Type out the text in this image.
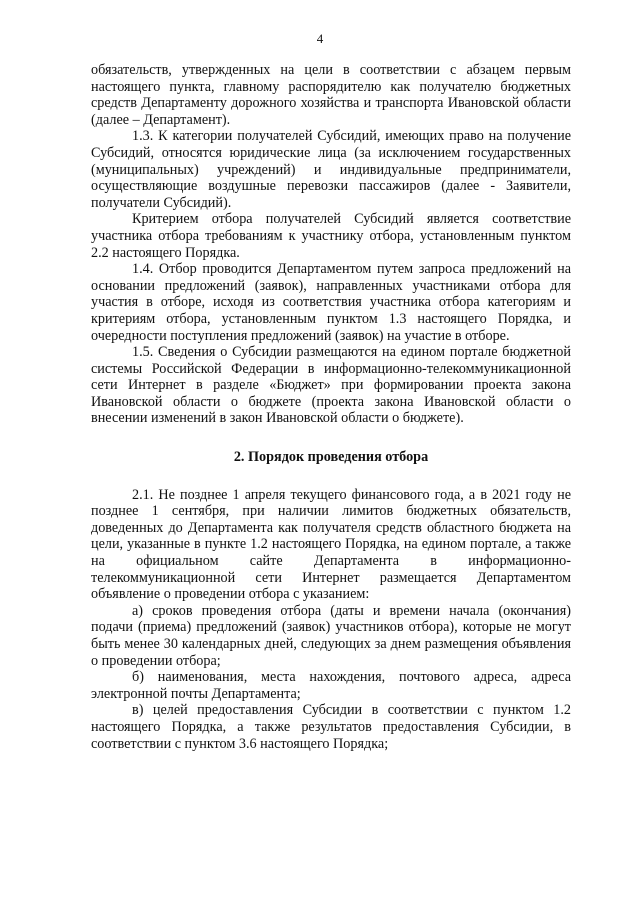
4

обязательств, утвержденных на цели в соответствии с абзацем первым настоящего пункта, главному распорядителю как получателю бюджетных средств Департаменту дорожного хозяйства и транспорта Ивановской области (далее – Департамент).

1.3. К категории получателей Субсидий, имеющих право на получение Субсидий, относятся юридические лица (за исключением государственных (муниципальных) учреждений) и индивидуальные предприниматели, осуществляющие воздушные перевозки пассажиров (далее - Заявители, получатели Субсидий).

Критерием отбора получателей Субсидий является соответствие участника отбора требованиям к участнику отбора, установленным пунктом 2.2 настоящего Порядка.

1.4. Отбор проводится Департаментом путем запроса предложений на основании предложений (заявок), направленных участниками отбора для участия в отборе, исходя из соответствия участника отбора категориям и критериям отбора, установленным пунктом 1.3 настоящего Порядка, и очередности поступления предложений (заявок) на участие в отборе.

1.5. Сведения о Субсидии размещаются на едином портале бюджетной системы Российской Федерации в информационно-телекоммуникационной сети Интернет в разделе «Бюджет» при формировании проекта закона Ивановской области о бюджете (проекта закона Ивановской области о внесении изменений в закон Ивановской области о бюджете).

2. Порядок проведения отбора

2.1. Не позднее 1 апреля текущего финансового года, а в 2021 году не позднее 1 сентября, при наличии лимитов бюджетных обязательств, доведенных до Департамента как получателя средств областного бюджета на цели, указанные в пункте 1.2 настоящего Порядка, на едином портале, а также на официальном сайте Департамента в информационно-телекоммуникационной сети Интернет размещается Департаментом объявление о проведении отбора с указанием:

а) сроков проведения отбора (даты и времени начала (окончания) подачи (приема) предложений (заявок) участников отбора), которые не могут быть менее 30 календарных дней, следующих за днем размещения объявления о проведении отбора;

б) наименования, места нахождения, почтового адреса, адреса электронной почты Департамента;

в) целей предоставления Субсидии в соответствии с пунктом 1.2 настоящего Порядка, а также результатов предоставления Субсидии, в соответствии с пунктом 3.6 настоящего Порядка;
